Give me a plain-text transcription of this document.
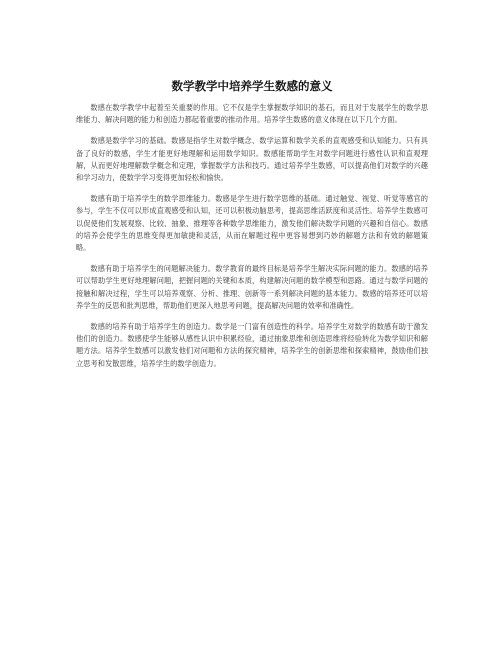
数学教学中培养学生数感的意义

数感在数学教学中起着至关重要的作用。它不仅是学生掌握数学知识的基石，而且对于发展学生的数学思维能力、解决问题的能力和创造力都起着重要的推动作用。培养学生数感的意义体现在以下几个方面。

数感是数学学习的基础。数感是指学生对数学概念、数学运算和数学关系的直观感受和认知能力。只有具备了良好的数感，学生才能更好地理解和运用数学知识。数感能帮助学生对数学问题进行感性认识和直观理解，从而更好地理解数学概念和定理，掌握数学方法和技巧。通过培养学生数感，可以提高他们对数学的兴趣和学习动力，使数学学习变得更加轻松和愉快。

数感有助于培养学生的数学思维能力。数感是学生进行数学思维的基础。通过触觉、视觉、听觉等感官的参与，学生不仅可以形成直观感受和认知，还可以积极动脑思考，提高思维活跃度和灵活性。培养学生数感可以促使他们发展观察、比较、抽象、推理等各种数学思维能力，激发他们解决数学问题的兴趣和自信心。数感的培养会使学生的思维变得更加敏捷和灵活，从而在解题过程中更容易想到巧妙的解题方法和有效的解题策略。

数感有助于培养学生的问题解决能力。数学教育的最终目标是培养学生解决实际问题的能力。数感的培养可以帮助学生更好地理解问题，把握问题的关键和本质，构建解决问题的数学模型和思路。通过与数学问题的接触和解决过程，学生可以培养观察、分析、推理、创新等一系列解决问题的基本能力。数感的培养还可以培养学生的反思和批判思维，帮助他们更深入地思考问题，提高解决问题的效率和准确性。

数感的培养有助于培养学生的创造力。数学是一门富有创造性的科学。培养学生对数学的数感有助于激发他们的创造力。数感使学生能够从感性认识中积累经验，通过抽象思维和创造思维将经验转化为数学知识和解题方法。培养学生数感可以激发他们对问题和方法的探究精神，培养学生的创新思维和探索精神，鼓励他们独立思考和发散思维，培养学生的数学创造力。
